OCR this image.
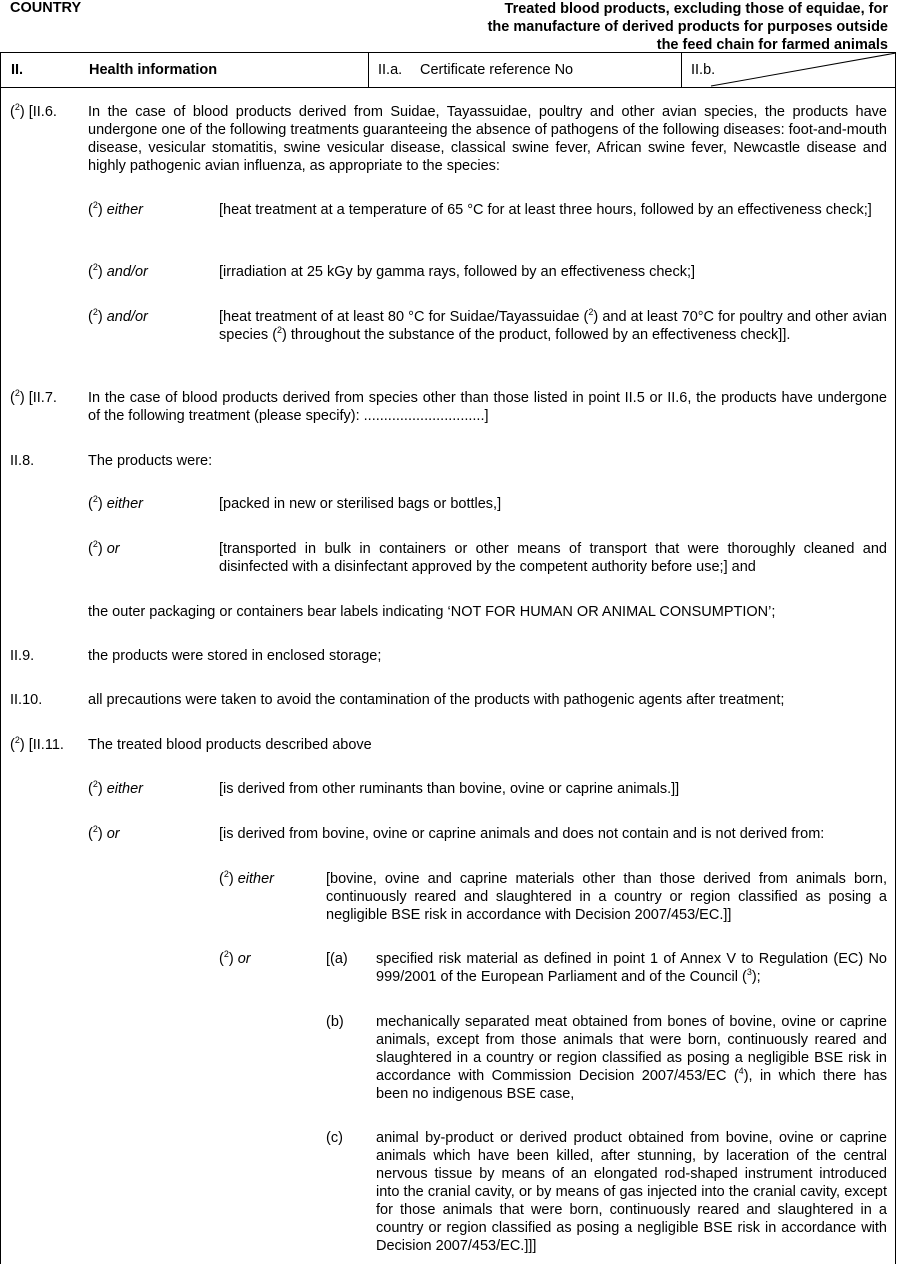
COUNTRY	Treated blood products, excluding those of equidae, for
the manufacture of derived products for purposes outside
the feed chain for farmed animals
II.	Health information	II.a. Certificate reference No	II.b.
($^2$) [II.6. In the case of blood products derived from Suidae, Tayassuidae, poultry and other avian species, the products have undergone one of the following treatments guaranteeing the absence of pathogens of the following diseases: foot-and-mouth disease, vesicular stomatitis, swine vesicular disease, classical swine fever, African swine fever, Newcastle disease and highly pathogenic avian influenza, as appropriate to the species:
($^2$) either	[heat treatment at a temperature of 65 °C for at least three hours, followed by an effectiveness check;]
($^2$) and/or	[irradiation at 25 kGy by gamma rays, followed by an effectiveness check;]
($^2$) and/or	[heat treatment of at least 80 °C for Suidae/Tayassuidae ($^2$) and at least 70°C for poultry and other avian species ($^2$) throughout the substance of the product, followed by an effectiveness check]].
($^2$) [II.7. In the case of blood products derived from species other than those listed in point II.5 or II.6, the products have undergone of the following treatment (please specify): ..............................]
II.8.	The products were:
($^2$) either	[packed in new or sterilised bags or bottles,]
($^2$) or	[transported in bulk in containers or other means of transport that were thoroughly cleaned and disinfected with a disinfectant approved by the competent authority before use;] and
the outer packaging or containers bear labels indicating ‘NOT FOR HUMAN OR ANIMAL CONSUMPTION’;
II.9.	the products were stored in enclosed storage;
II.10.	all precautions were taken to avoid the contamination of the products with pathogenic agents after treatment;
($^2$) [II.11. The treated blood products described above
($^2$) either	[is derived from other ruminants than bovine, ovine or caprine animals.]]
($^2$) or	[is derived from bovine, ovine or caprine animals and does not contain and is not derived from:
($^2$) either	[bovine, ovine and caprine materials other than those derived from animals born, continuously reared and slaughtered in a country or region classified as posing a negligible BSE risk in accordance with Decision 2007/453/EC.]]
($^2$) or	[(a) specified risk material as defined in point 1 of Annex V to Regulation (EC) No 999/2001 of the European Parliament and of the Council ($^3$);
(b) mechanically separated meat obtained from bones of bovine, ovine or caprine animals, except from those animals that were born, continuously reared and slaughtered in a country or region classified as posing a negligible BSE risk in accordance with Commission Decision 2007/453/EC ($^4$), in which there has been no indigenous BSE case,
(c) animal by-product or derived product obtained from bovine, ovine or caprine animals which have been killed, after stunning, by laceration of the central nervous tissue by means of an elongated rod-shaped instrument introduced into the cranial cavity, or by means of gas injected into the cranial cavity, except for those animals that were born, continuously reared and slaughtered in a country or region classified as posing a negligible BSE risk in accordance with Decision 2007/453/EC.]]]
